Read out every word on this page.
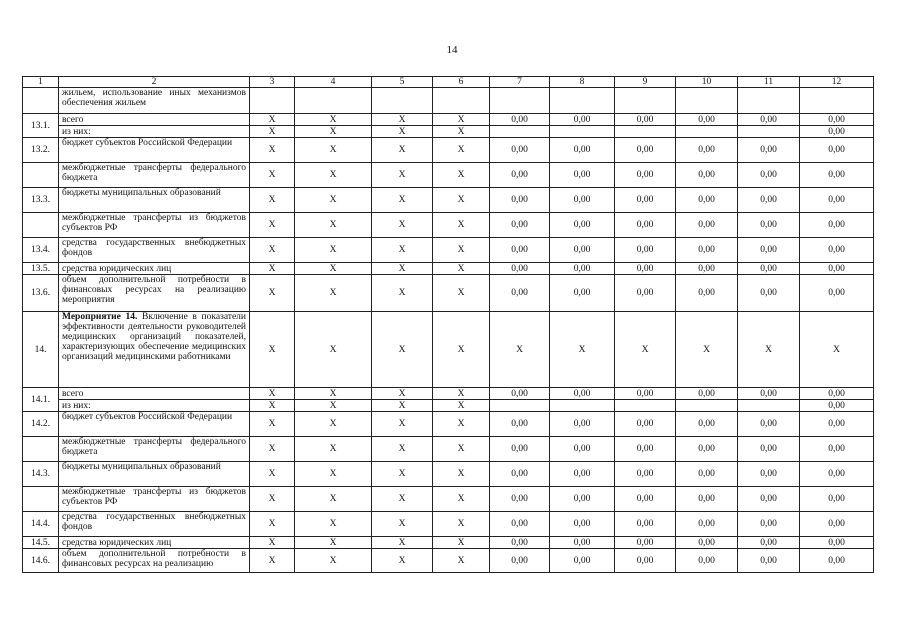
14
1	2	3	4	5	6	7	8	9	10	11	12
	жильем, использование иных механизмов обеспечения жильем										
13.1.	всего	X	X	X	X	0,00	0,00	0,00	0,00	0,00	0,00
	из них:	X	X	X	X						0,00
13.2.	бюджет субъектов Российской Федерации	X	X	X	X	0,00	0,00	0,00	0,00	0,00	0,00
	межбюджетные трансферты федерального бюджета	X	X	X	X	0,00	0,00	0,00	0,00	0,00	0,00
13.3.	бюджеты муниципальных образований	X	X	X	X	0,00	0,00	0,00	0,00	0,00	0,00
	межбюджетные трансферты из бюджетов субъектов РФ	X	X	X	X	0,00	0,00	0,00	0,00	0,00	0,00
13.4.	средства государственных внебюджетных фондов	X	X	X	X	0,00	0,00	0,00	0,00	0,00	0,00
13.5.	средства юридических лиц	X	X	X	X	0,00	0,00	0,00	0,00	0,00	0,00
13.6.	объем дополнительной потребности в финансовых ресурсах на реализацию мероприятия	X	X	X	X	0,00	0,00	0,00	0,00	0,00	0,00
14.	Мероприятие 14. Включение в показатели эффективности деятельности руководителей медицинских организаций показателей, характеризующих обеспечение медицинских организаций медицинскими работниками	X	X	X	X	X	X	X	X	X	X
14.1.	всего	X	X	X	X	0,00	0,00	0,00	0,00	0,00	0,00
	из них:	X	X	X	X						0,00
14.2.	бюджет субъектов Российской Федерации	X	X	X	X	0,00	0,00	0,00	0,00	0,00	0,00
	межбюджетные трансферты федерального бюджета	X	X	X	X	0,00	0,00	0,00	0,00	0,00	0,00
14.3.	бюджеты муниципальных образований	X	X	X	X	0,00	0,00	0,00	0,00	0,00	0,00
	межбюджетные трансферты из бюджетов субъектов РФ	X	X	X	X	0,00	0,00	0,00	0,00	0,00	0,00
14.4.	средства государственных внебюджетных фондов	X	X	X	X	0,00	0,00	0,00	0,00	0,00	0,00
14.5.	средства юридических лиц	X	X	X	X	0,00	0,00	0,00	0,00	0,00	0,00
14.6.	объем дополнительной потребности в финансовых ресурсах на реализацию	X	X	X	X	0,00	0,00	0,00	0,00	0,00	0,00
